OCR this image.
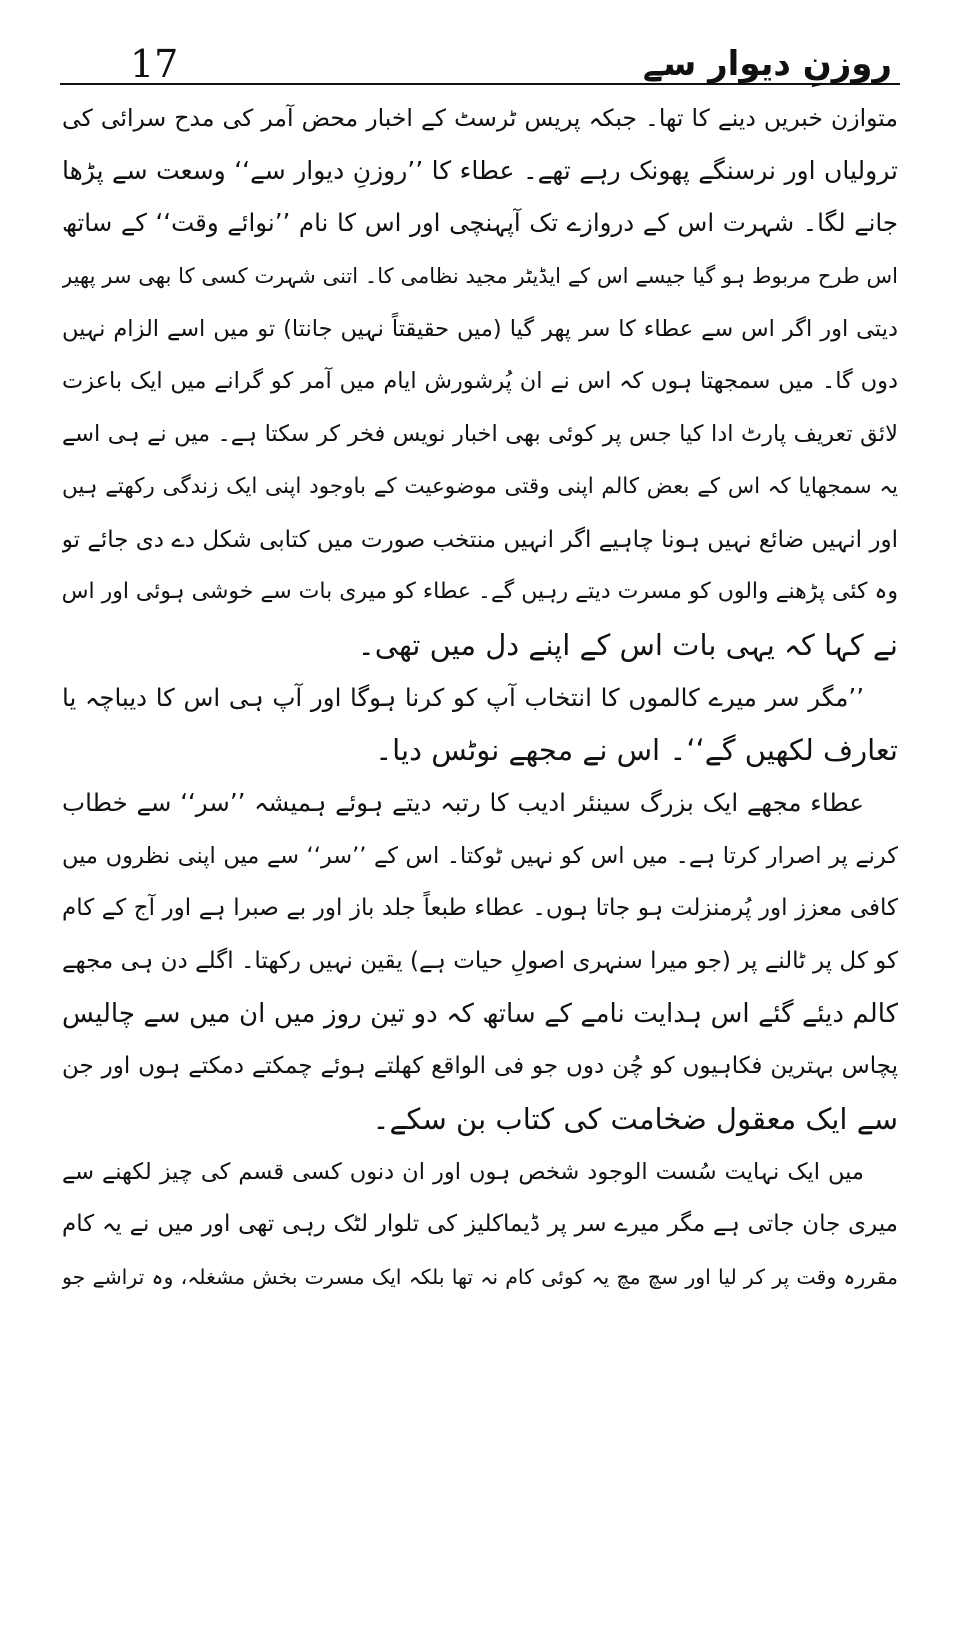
17	روزنِ دیوار سے
متوازن خبریں دینے کا تھا۔ جبکہ پریس ٹرسٹ کے اخبار محض آمر کی مدح سرائی کی
ترولیاں اور نرسنگے پھونک رہے تھے۔ عطاء کا ’’روزنِ دیوار سے‘‘ وسعت سے پڑھا
جانے لگا۔ شہرت اس کے دروازے تک آپہنچی اور اس کا نام ’’نوائے وقت‘‘ کے ساتھ
اس طرح مربوط ہو گیا جیسے اس کے ایڈیٹر مجید نظامی کا۔ اتنی شہرت کسی کا بھی سر پھیر
دیتی اور اگر اس سے عطاء کا سر پھر گیا (میں حقیقتاً نہیں جانتا) تو میں اسے الزام نہیں
دوں گا۔ میں سمجھتا ہوں کہ اس نے ان پُرشورش ایام میں آمر کو گرانے میں ایک باعزت
لائق تعریف پارٹ ادا کیا جس پر کوئی بھی اخبار نویس فخر کر سکتا ہے۔ میں نے ہی اسے
یہ سمجھایا کہ اس کے بعض کالم اپنی وقتی موضوعیت کے باوجود اپنی ایک زندگی رکھتے ہیں
اور انہیں ضائع نہیں ہونا چاہیے اگر انہیں منتخب صورت میں کتابی شکل دے دی جائے تو
وہ کئی پڑھنے والوں کو مسرت دیتے رہیں گے۔ عطاء کو میری بات سے خوشی ہوئی اور اس
نے کہا کہ یہی بات اس کے اپنے دل میں تھی۔
’’مگر سر میرے کالموں کا انتخاب آپ کو کرنا ہوگا اور آپ ہی اس کا دیباچہ یا
تعارف لکھیں گے‘‘۔ اس نے مجھے نوٹس دیا۔
عطاء مجھے ایک بزرگ سینئر ادیب کا رتبہ دیتے ہوئے ہمیشہ ’’سر‘‘ سے خطاب
کرنے پر اصرار کرتا ہے۔ میں اس کو نہیں ٹوکتا۔ اس کے ’’سر‘‘ سے میں اپنی نظروں میں
کافی معزز اور پُرمنزلت ہو جاتا ہوں۔ عطاء طبعاً جلد باز اور بے صبرا ہے اور آج کے کام
کو کل پر ٹالنے پر (جو میرا سنہری اصولِ حیات ہے) یقین نہیں رکھتا۔ اگلے دن ہی مجھے
کالم دیئے گئے اس ہدایت نامے کے ساتھ کہ دو تین روز میں ان میں سے چالیس
پچاس بہترین فکاہیوں کو چُن دوں جو فی الواقع کھلتے ہوئے چمکتے دمکتے ہوں اور جن
سے ایک معقول ضخامت کی کتاب بن سکے۔
میں ایک نہایت سُست الوجود شخص ہوں اور ان دنوں کسی قسم کی چیز لکھنے سے
میری جان جاتی ہے مگر میرے سر پر ڈیماکلیز کی تلوار لٹک رہی تھی اور میں نے یہ کام
مقررہ وقت پر کر لیا اور سچ مچ یہ کوئی کام نہ تھا بلکہ ایک مسرت بخش مشغلہ، وہ تراشے جو
